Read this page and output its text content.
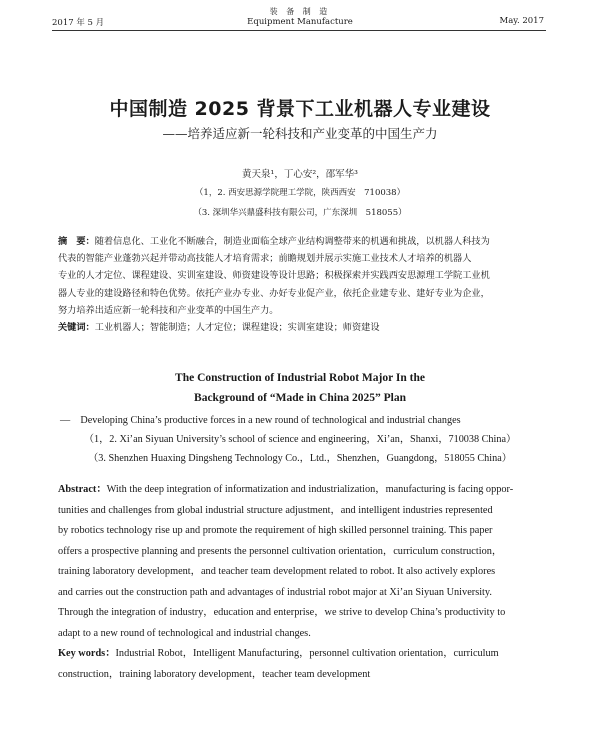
2017 年 5 月
装 备 制 造
Equipment Manufacture	May. 2017
中国制造 2025 背景下工业机器人专业建设
——培养适应新一轮科技和产业变革的中国生产力
黄天泉¹，丁心安²，邵军华³
（1，2. 西安思源学院理工学院，陕西西安　710038）
（3. 深圳华兴鼎盛科技有限公司，广东深圳　518055）
摘　要：随着信息化、工业化不断融合，制造业面临全球产业结构调整带来的机遇和挑战，以机器人科技为
代表的智能产业蓬勃兴起并带动高技能人才培育需求；前瞻规划并展示实施工业技术人才培养的机器人
专业的人才定位、课程建设、实训室建设、师资建设等设计思路；积极探索并实践西安思源理工学院工业机
器人专业的建设路径和特色优势。依托产业办专业、办好专业促产业，依托企业建专业、建好专业为企业，
努力培养出适应新一轮科技和产业变革的中国生产力。
关键词：工业机器人；智能制造；人才定位；课程建设；实训室建设；师资建设
The Construction of Industrial Robot Major In the
Background of “Made in China 2025” Plan
—　Developing China’s productive forces in a new round of technological and industrial changes
（1，2. Xi’an Siyuan University’s school of science and engineering，Xi’an，Shanxi，710038 China）
（3. Shenzhen Huaxing Dingsheng Technology Co.，Ltd.，Shenzhen，Guangdong，518055 China）
Abstract：With the deep integration of informatization and industrialization，manufacturing is facing oppor-
tunities and challenges from global industrial structure adjustment，and intelligent industries represented
by robotics technology rise up and promote the requirement of high skilled personnel training. This paper
offers a prospective planning and presents the personnel cultivation orientation，curriculum construction，
training laboratory development，and teacher team development related to robot. It also actively explores
and carries out the construction path and advantages of industrial robot major at Xi’an Siyuan University.
Through the integration of industry，education and enterprise，we strive to develop China’s productivity to
adapt to a new round of technological and industrial changes.
Key words：Industrial Robot，Intelligent Manufacturing，personnel cultivation orientation，curriculum
construction，training laboratory development，teacher team development
